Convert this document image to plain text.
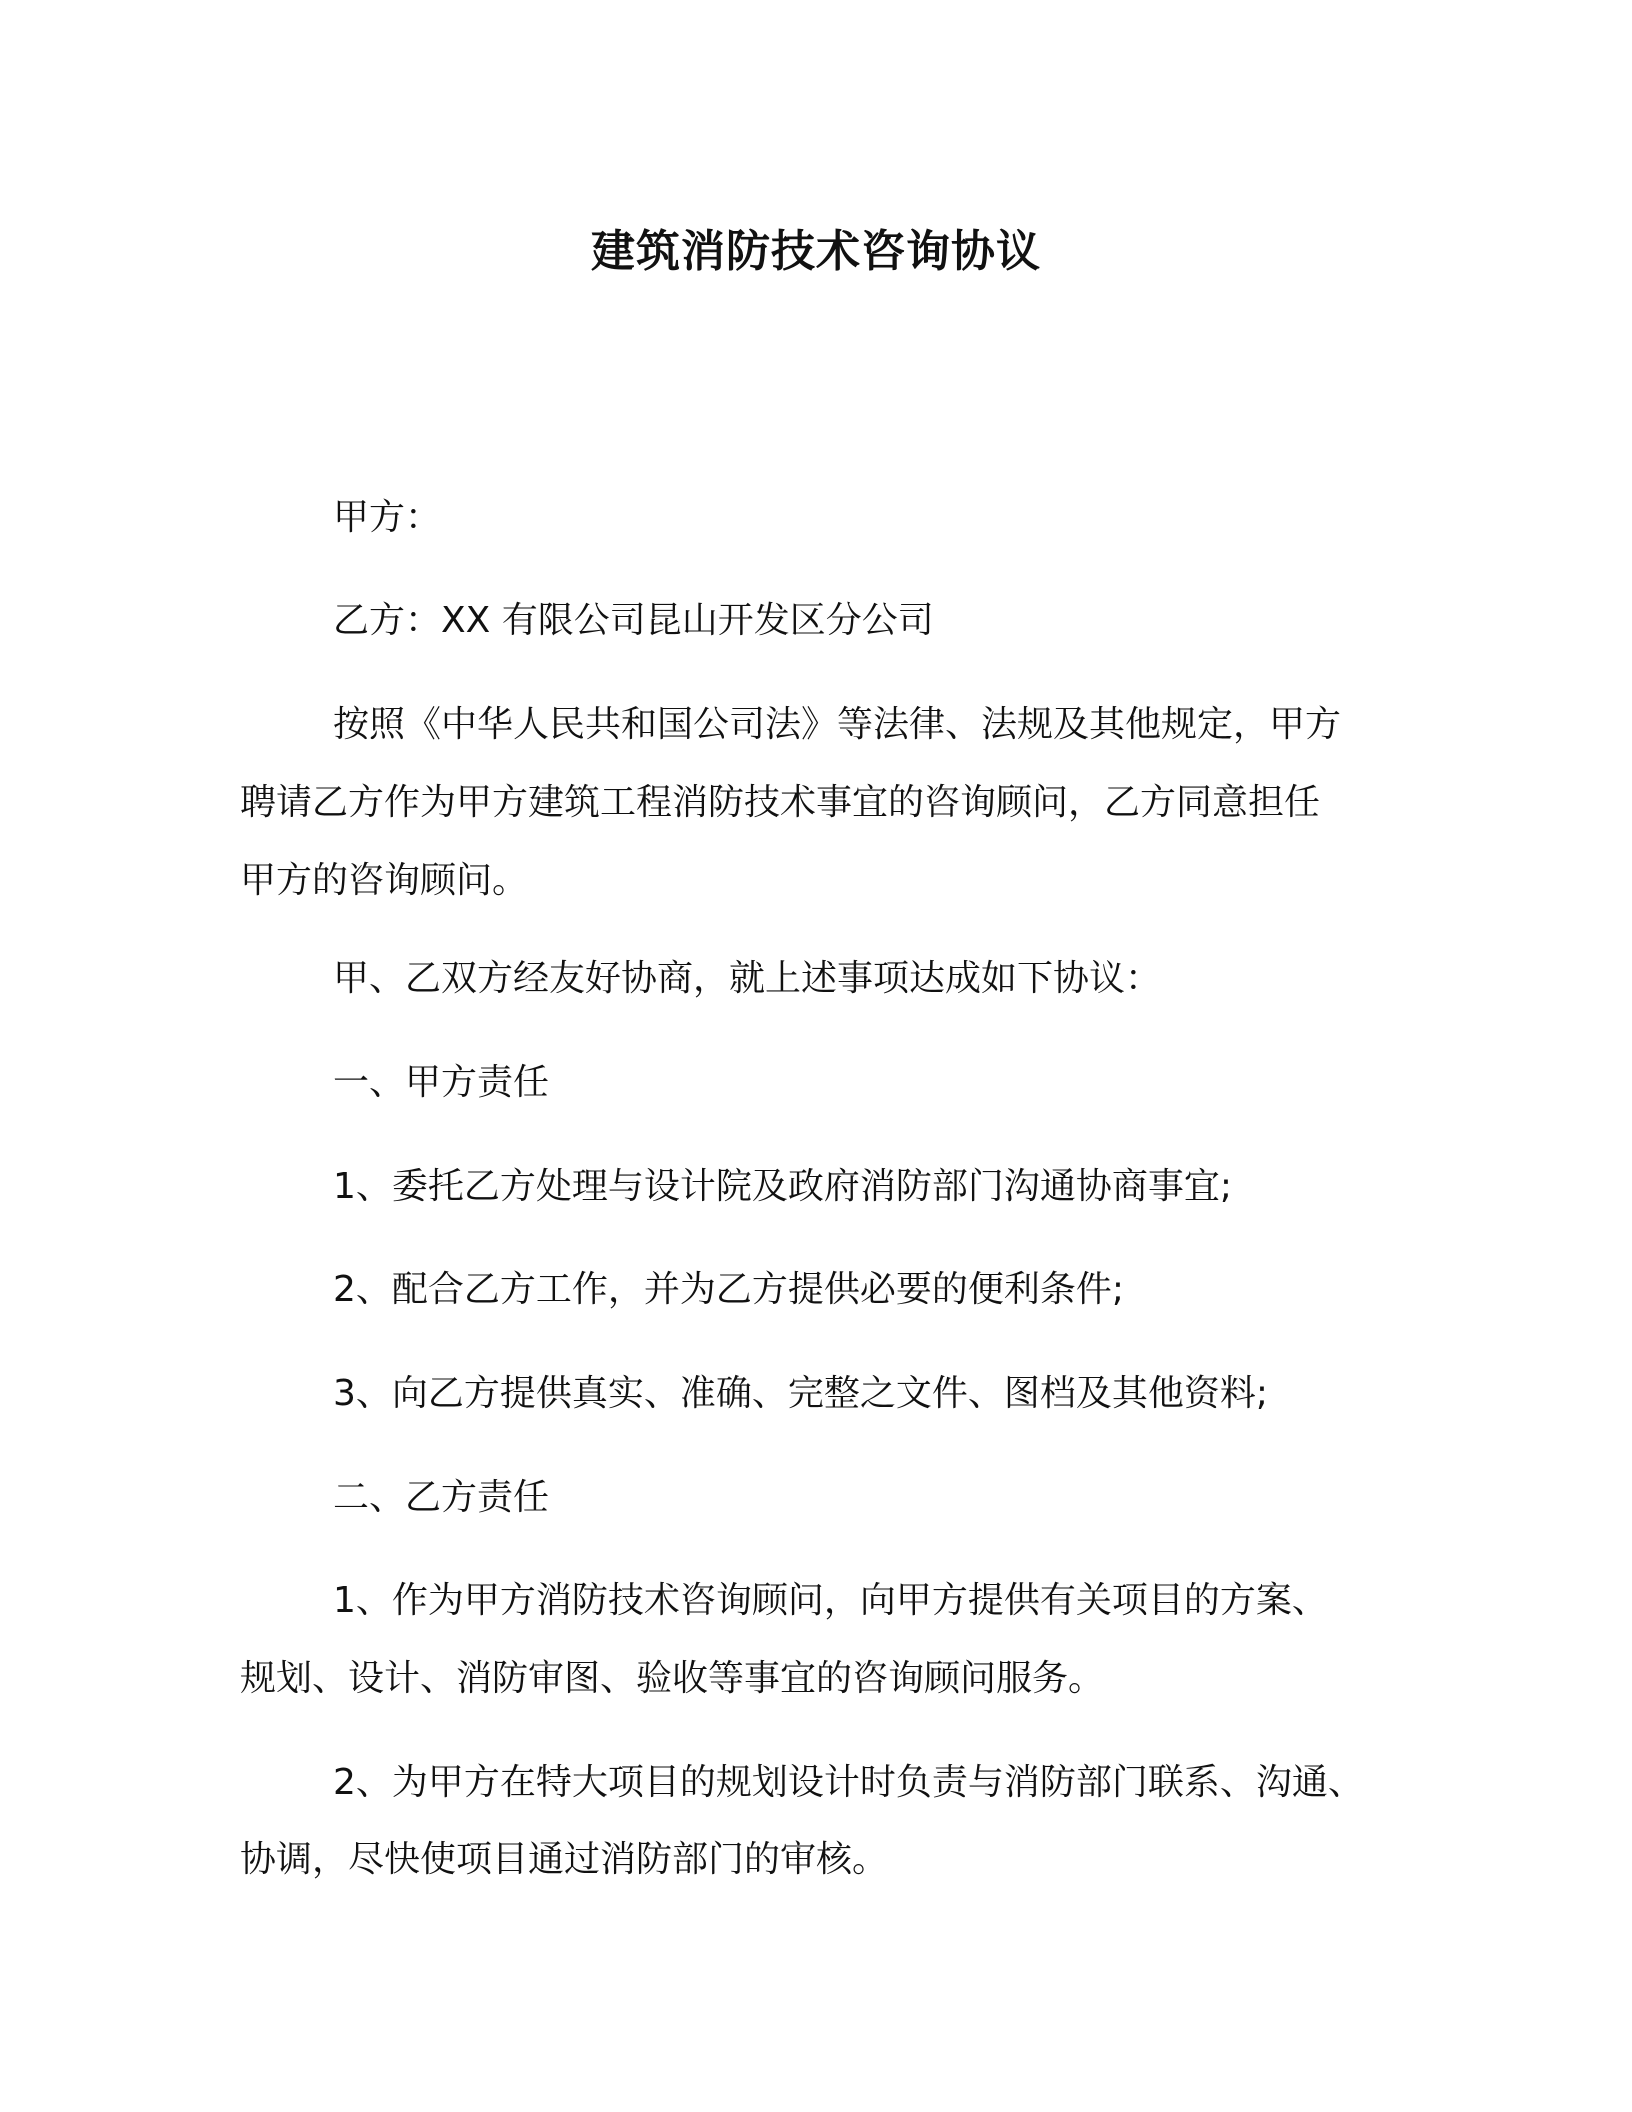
建筑消防技术咨询协议
甲方：
乙方：XX 有限公司昆山开发区分公司
按照《中华人民共和国公司法》等法律、法规及其他规定，甲方
聘请乙方作为甲方建筑工程消防技术事宜的咨询顾问，乙方同意担任
甲方的咨询顾问。
甲、乙双方经友好协商，就上述事项达成如下协议：
一、甲方责任
1、委托乙方处理与设计院及政府消防部门沟通协商事宜;
2、配合乙方工作，并为乙方提供必要的便利条件;
3、向乙方提供真实、准确、完整之文件、图档及其他资料;
二、乙方责任
1、作为甲方消防技术咨询顾问，向甲方提供有关项目的方案、
规划、设计、消防审图、验收等事宜的咨询顾问服务。
2、为甲方在特大项目的规划设计时负责与消防部门联系、沟通、
协调，尽快使项目通过消防部门的审核。
